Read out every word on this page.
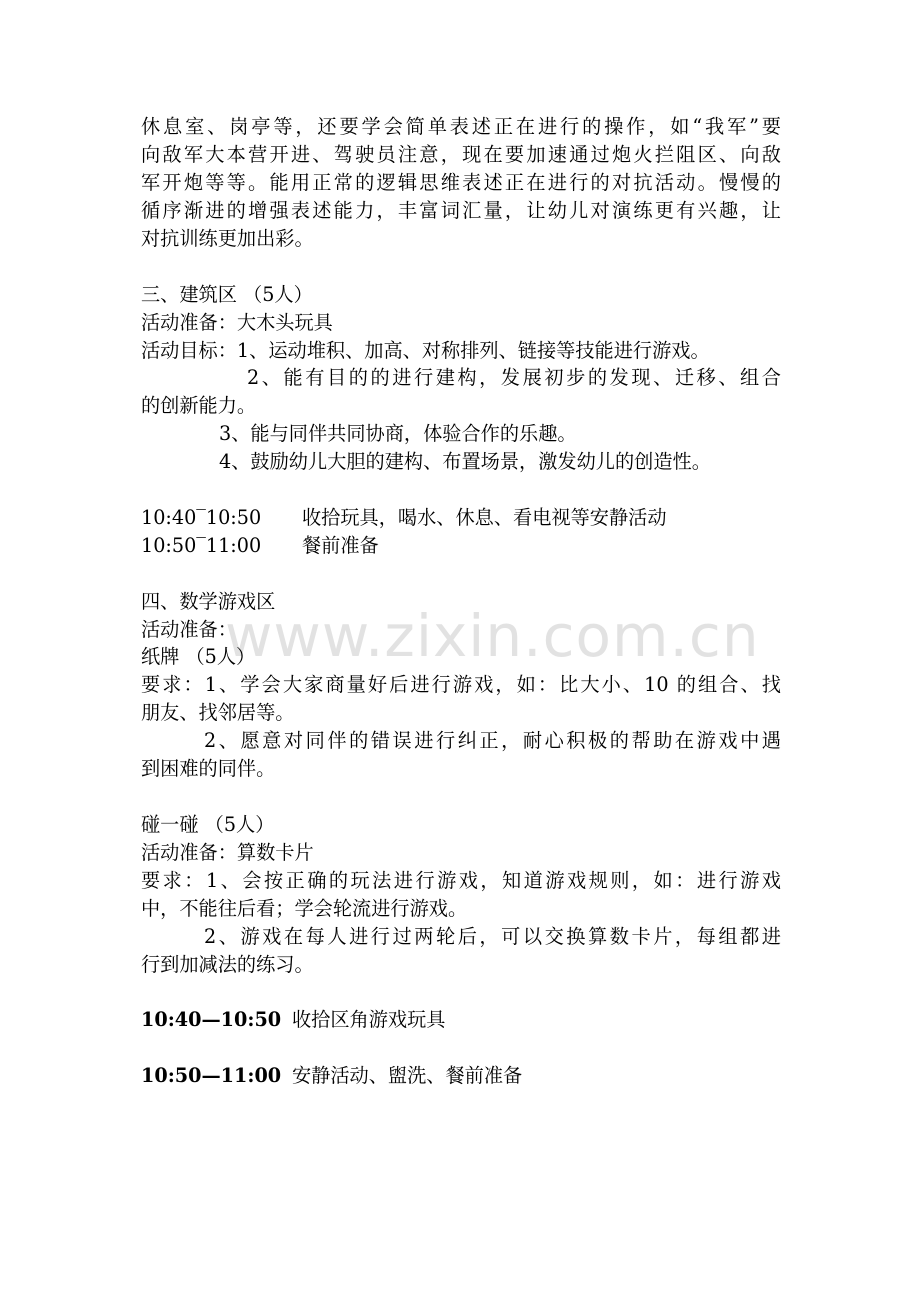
www.zixin.com.cn
休息室、岗亭等，还要学会简单表述正在进行的操作，如“我军”要
向敌军大本营开进、驾驶员注意，现在要加速通过炮火拦阻区、向敌
军开炮等等。能用正常的逻辑思维表述正在进行的对抗活动。慢慢的
循序渐进的增强表述能力，丰富词汇量，让幼儿对演练更有兴趣，让
对抗训练更加出彩。
三、建筑区 （5人）
活动准备：大木头玩具
活动目标：1、运动堆积、加高、对称排列、链接等技能进行游戏。
2、能有目的的进行建构，发展初步的发现、迁移、组合
的创新能力。
3、能与同伴共同协商，体验合作的乐趣。
4、鼓励幼儿大胆的建构、布置场景，激发幼儿的创造性。
10:40‾10:50 收拾玩具，喝水、休息、看电视等安静活动
10:50‾11:00 餐前准备
四、数学游戏区
活动准备：
纸牌 （5人）
要求：1、学会大家商量好后进行游戏，如：比大小、10 的组合、找
朋友、找邻居等。
2、愿意对同伴的错误进行纠正，耐心积极的帮助在游戏中遇
到困难的同伴。
碰一碰 （5人）
活动准备：算数卡片
要求：1、会按正确的玩法进行游戏，知道游戏规则，如：进行游戏
中，不能往后看；学会轮流进行游戏。
2、游戏在每人进行过两轮后，可以交换算数卡片，每组都进
行到加减法的练习。
10:40—10:50 收拾区角游戏玩具
10:50—11:00 安静活动、盥洗、餐前准备
